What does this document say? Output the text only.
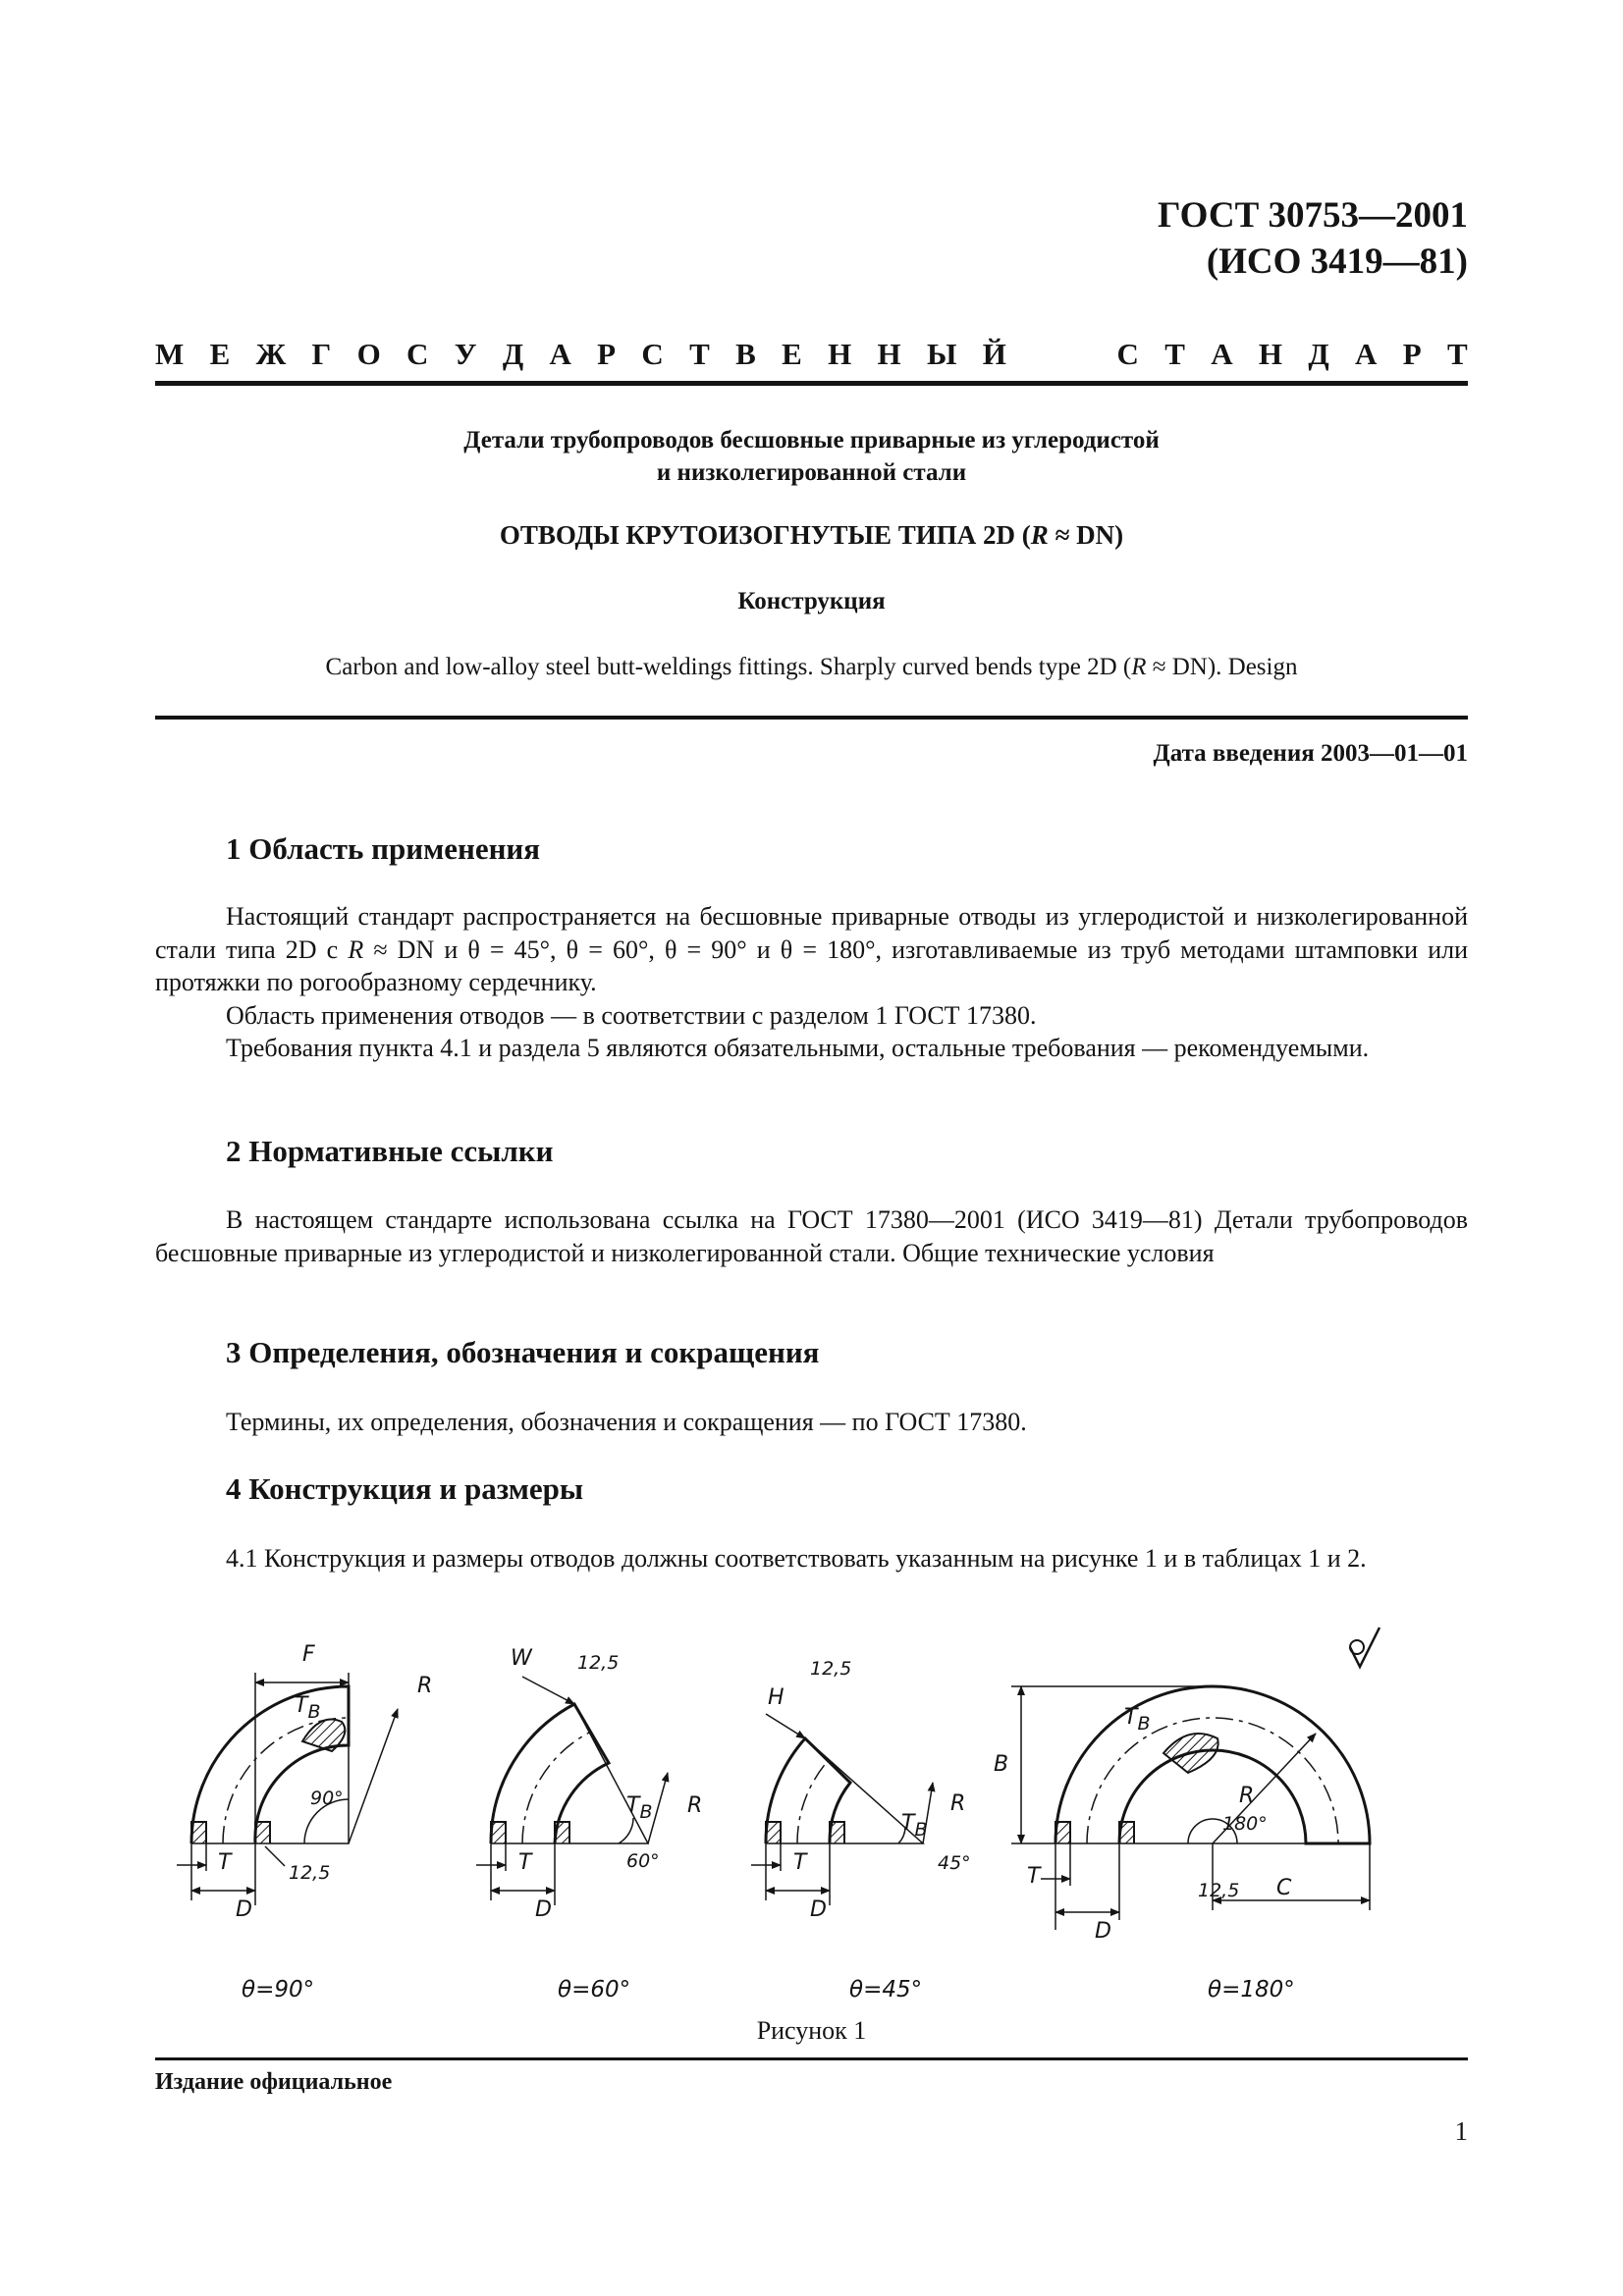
ГОСТ 30753—2001
(ИСО 3419—81)
М Е Ж Г О С У Д А Р С Т В Е Н Н Ы Й	С Т А Н Д А Р Т
Детали трубопроводов бесшовные приварные из углеродистой
и низколегированной стали
ОТВОДЫ КРУТОИЗОГНУТЫЕ ТИПА 2D (R ≈ DN)
Конструкция
Carbon and low-alloy steel butt-weldings fittings. Sharply curved bends type 2D (R ≈ DN). Design
Дата введения 2003—01—01
1 Область применения

Настоящий стандарт распространяется на бесшовные приварные отводы из углеродистой и низколегированной стали типа 2D с R ≈ DN и θ = 45°, θ = 60°, θ = 90° и θ = 180°, изготавливаемые из труб методами штамповки или протяжки по рогообразному сердечнику.

Область применения отводов — в соответствии с разделом 1 ГОСТ 17380.

Требования пункта 4.1 и раздела 5 являются обязательными, остальные требования — рекомендуемыми.

2 Нормативные ссылки

В настоящем стандарте использована ссылка на ГОСТ 17380—2001 (ИСО 3419—81) Детали трубопроводов бесшовные приварные из углеродистой и низколегированной стали. Общие технические условия

3 Определения, обозначения и сокращения

Термины, их определения, обозначения и сокращения — по ГОСТ 17380.

4 Конструкция и размеры

4.1 Конструкция и размеры отводов должны соответствовать указанным на рисунке 1 и в таблицах 1 и 2.

F
R
TВ
90°
T
D
12,5
θ=90°
W 12,5
R
TВ
T
D
60°
θ=60°
H
12,5
R
TВ
T
D
45°
θ=45°
B
R
TВ
180°
T
D
12,5 C
θ=180°
Рисунок 1
Издание официальное
1
